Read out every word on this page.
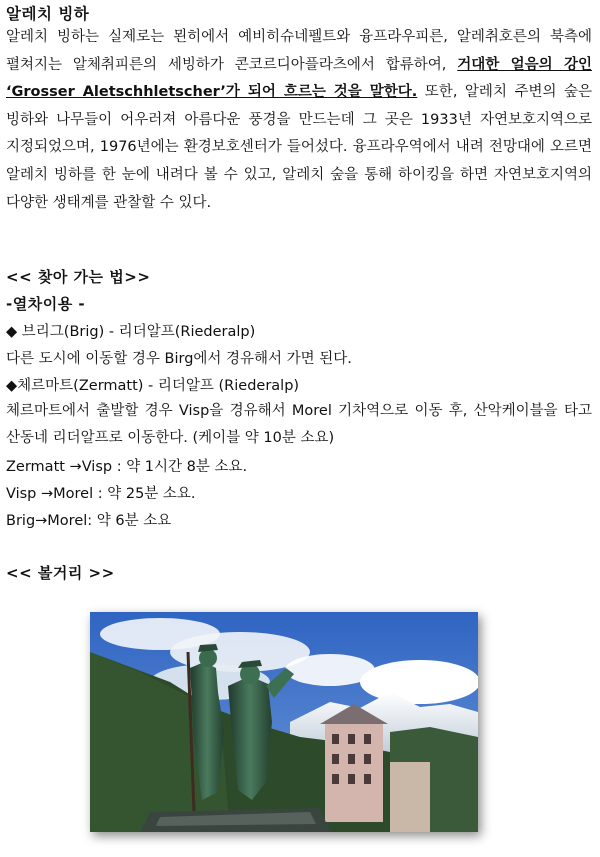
알레치 빙하
알레치 빙하는 실제로는 묀히에서 예비히슈네펠트와 융프라우피른, 알레취호른의 북측에 펼쳐지는 알체취피른의 세빙하가 콘코르디아플라츠에서 합류하여, 거대한 얼음의 강인 ‘Grosser Aletschhletscher’가 되어 흐르는 것을 말한다. 또한, 알레치 주변의 숲은 빙하와 나무들이 어우러져 아름다운 풍경을 만드는데 그 곳은 1933년 자연보호지역으로 지정되었으며, 1976년에는 환경보호센터가 들어섰다. 융프라우역에서 내려 전망대에 오르면 알레치 빙하를 한 눈에 내려다 볼 수 있고, 알레치 숲을 통해 하이킹을 하면 자연보호지역의 다양한 생태계를 관찰할 수 있다.
<< 찾아 가는 법>>
-열차이용 -
◆ 브리그(Brig) - 리더알프(Riederalp)
다른 도시에 이동할 경우 Birg에서 경유해서 가면 된다.
◆체르마트(Zermatt) - 리더알프 (Riederalp)
체르마트에서 출발할 경우 Visp을 경유해서 Morel 기차역으로 이동 후, 산악케이블을 타고 산동네 리더알프로 이동한다. (케이블 약 10분 소요)
Zermatt →Visp : 약 1시간 8분 소요.
Visp →Morel : 약 25분 소요.
Brig→Morel: 약 6분 소요
<< 볼거리 >>
